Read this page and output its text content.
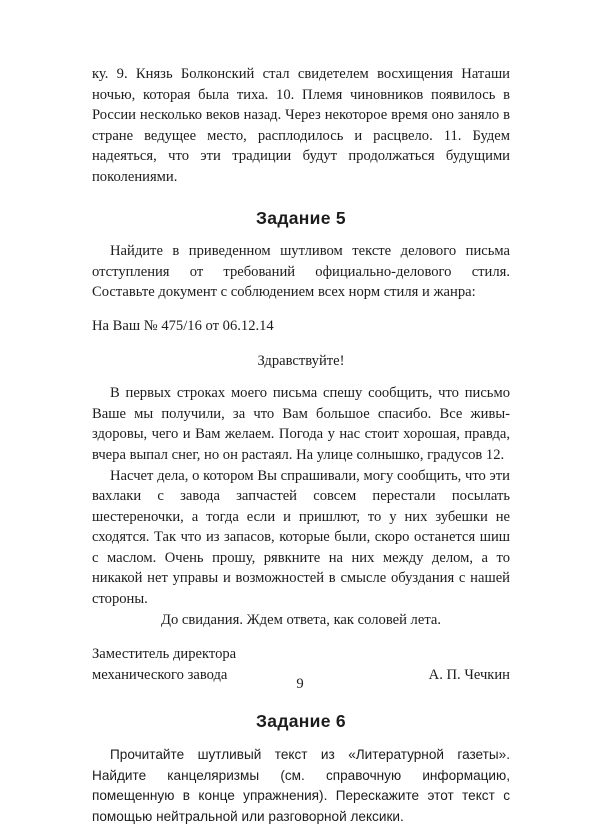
ку. 9. Князь Болконский стал свидетелем восхищения Наташи ночью, которая была тиха. 10. Племя чиновников появилось в России несколько веков назад. Через некоторое время оно заняло в стране ведущее место, расплодилось и расцвело. 11. Будем надеяться, что эти традиции будут продолжаться будущими поколениями.

Задание 5

Найдите в приведенном шутливом тексте делового письма отступления от требований официально-делового стиля. Составьте документ с соблюдением всех норм стиля и жанра:

На Ваш № 475/16 от 06.12.14

Здравствуйте!

В первых строках моего письма спешу сообщить, что письмо Ваше мы получили, за что Вам большое спасибо. Все живы-здоровы, чего и Вам желаем. Погода у нас стоит хорошая, правда, вчера выпал снег, но он растаял. На улице солнышко, градусов 12.

Насчет дела, о котором Вы спрашивали, могу сообщить, что эти вахлаки с завода запчастей совсем перестали посылать шестереночки, а тогда если и пришлют, то у них зубешки не сходятся. Так что из запасов, которые были, скоро останется шиш с маслом. Очень прошу, рявкните на них между делом, а то никакой нет управы и возможностей в смысле обуздания с нашей стороны.

До свидания. Ждем ответа, как соловей лета.

Заместитель директора
механического завода	А. П. Чечкин
Задание 6

Прочитайте шутливый текст из «Литературной газеты». Найдите канцеляризмы (см. справочную информацию, помещенную в конце упражнения). Перескажите этот текст с помощью нейтральной или разговорной лексики.

9
